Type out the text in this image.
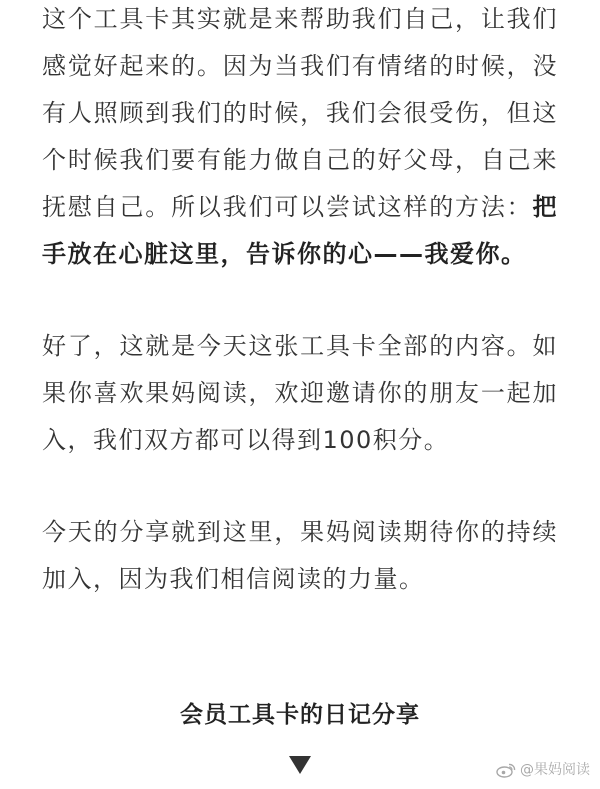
这个工具卡其实就是来帮助我们自己，让我们感觉好起来的。因为当我们有情绪的时候，没有人照顾到我们的时候，我们会很受伤，但这个时候我们要有能力做自己的好父母，自己来抚慰自己。所以我们可以尝试这样的方法：把手放在心脏这里，告诉你的心——我爱你。

好了，这就是今天这张工具卡全部的内容。如果你喜欢果妈阅读，欢迎邀请你的朋友一起加入，我们双方都可以得到100积分。

今天的分享就到这里，果妈阅读期待你的持续加入，因为我们相信阅读的力量。

会员工具卡的日记分享
@果妈阅读
